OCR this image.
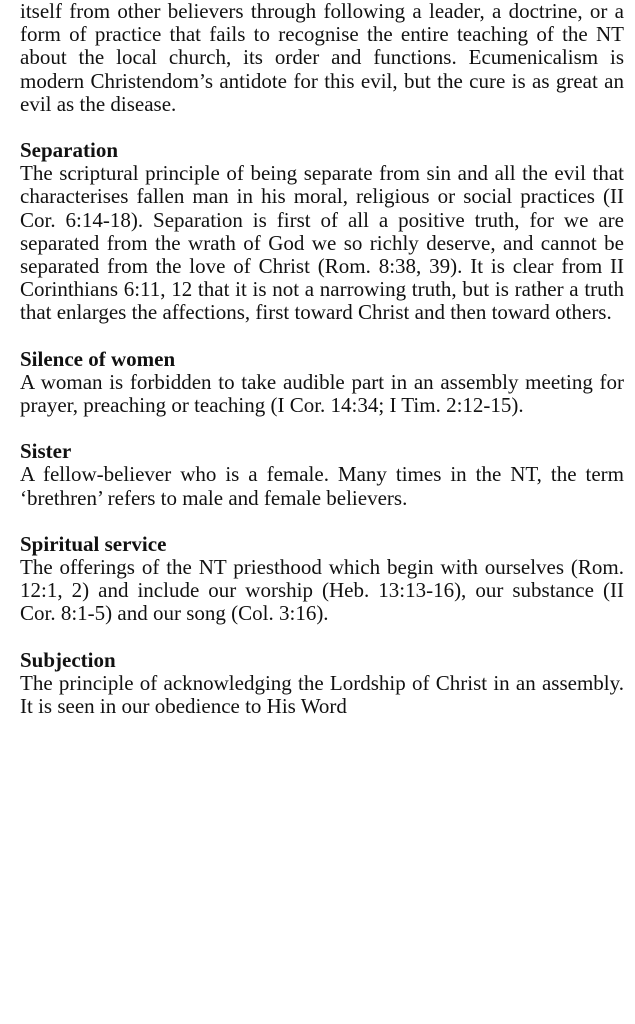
itself from other believers through following a leader, a doctrine, or a form of practice that fails to recognise the entire teaching of the NT about the local church, its order and functions. Ecumenicalism is modern Christendom’s antidote for this evil, but the cure is as great an evil as the disease.

Separation

The scriptural principle of being separate from sin and all the evil that characterises fallen man in his moral, religious or social practices (II Cor. 6:14-18). Separation is first of all a positive truth, for we are separated from the wrath of God we so richly deserve, and cannot be separated from the love of Christ (Rom. 8:38, 39). It is clear from II Corinthians 6:11, 12 that it is not a narrowing truth, but is rather a truth that enlarges the affections, first toward Christ and then toward others.

Silence of women

A woman is forbidden to take audible part in an assembly meeting for prayer, preaching or teaching (I Cor. 14:34; I Tim. 2:12-15).

Sister

A fellow-believer who is a female. Many times in the NT, the term ‘brethren’ refers to male and female believers.

Spiritual service

The offerings of the NT priesthood which begin with ourselves (Rom. 12:1, 2) and include our worship (Heb. 13:13-16), our substance (II Cor. 8:1-5) and our song (Col. 3:16).

Subjection

The principle of acknowledging the Lordship of Christ in an assembly. It is seen in our obedience to His Word
